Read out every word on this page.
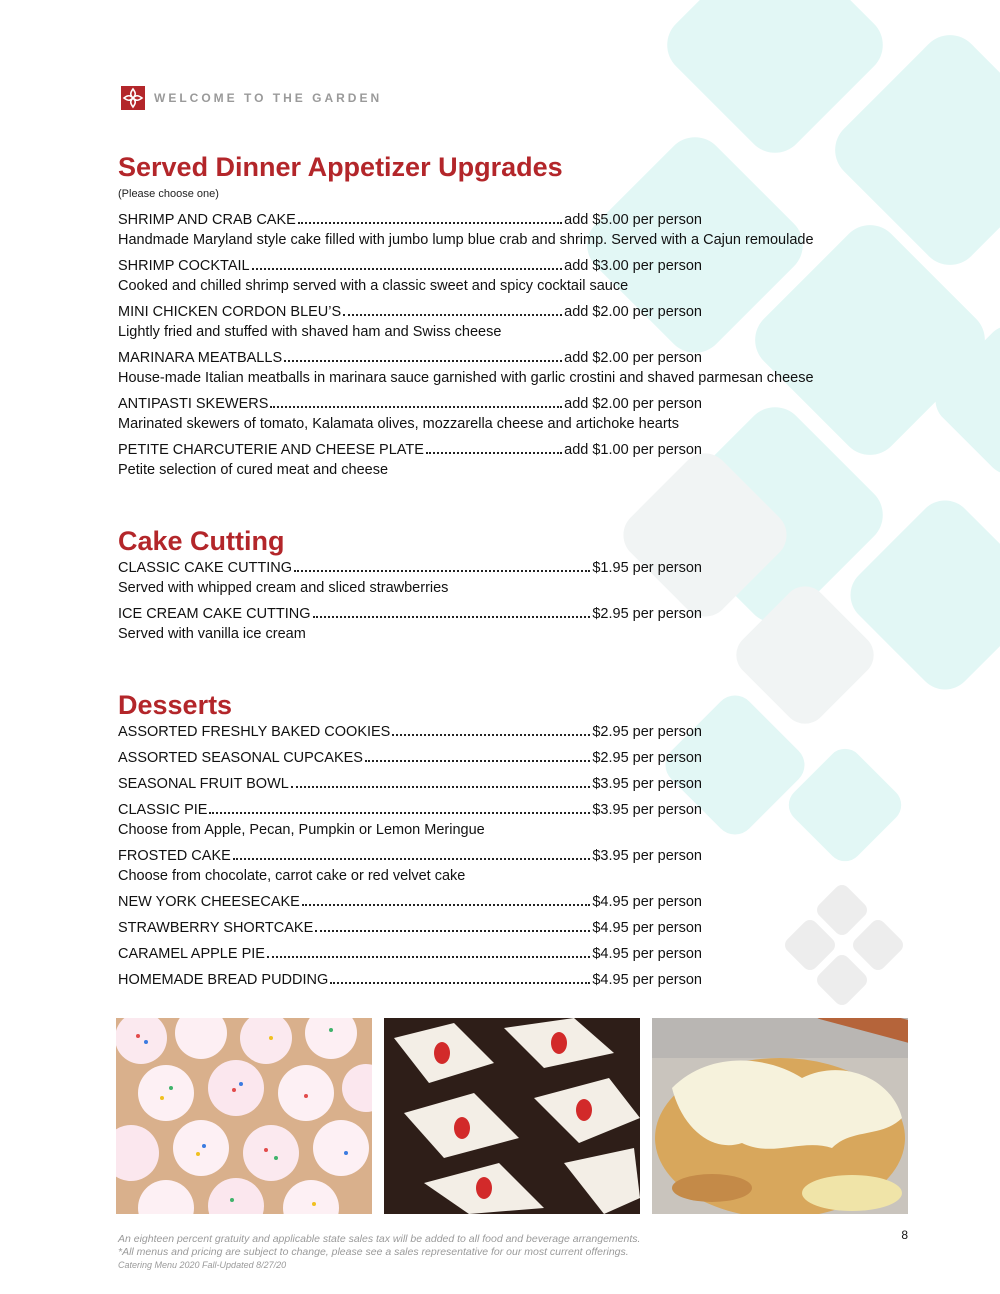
WELCOME TO THE GARDEN
Served Dinner Appetizer Upgrades
(Please choose one)
SHRIMP AND CRAB CAKE	add $5.00 per person
Handmade Maryland style cake filled with jumbo lump blue crab and shrimp. Served with a Cajun remoulade
SHRIMP COCKTAIL	add $3.00 per person
Cooked and chilled shrimp served with a classic sweet and spicy cocktail sauce
MINI CHICKEN CORDON BLEU’S	add $2.00 per person
Lightly fried and stuffed with shaved ham and Swiss cheese
MARINARA MEATBALLS	add $2.00 per person
House-made Italian meatballs in marinara sauce garnished with garlic crostini and shaved parmesan cheese
ANTIPASTI SKEWERS	add $2.00 per person
Marinated skewers of tomato, Kalamata olives, mozzarella cheese and artichoke hearts
PETITE CHARCUTERIE AND CHEESE PLATE	add $1.00 per person
Petite selection of cured meat and cheese
Cake Cutting
CLASSIC CAKE CUTTING	$1.95 per person
Served with whipped cream and sliced strawberries
ICE CREAM CAKE CUTTING	$2.95 per person
Served with vanilla ice cream
Desserts
ASSORTED FRESHLY BAKED COOKIES	$2.95 per person
ASSORTED SEASONAL CUPCAKES	$2.95 per person
SEASONAL FRUIT BOWL	$3.95 per person
CLASSIC PIE	$3.95 per person
Choose from Apple, Pecan, Pumpkin or Lemon Meringue
FROSTED CAKE	$3.95 per person
Choose from chocolate, carrot cake or red velvet cake
NEW YORK CHEESECAKE	$4.95 per person
STRAWBERRY SHORTCAKE	$4.95 per person
CARAMEL APPLE PIE	$4.95 per person
HOMEMADE BREAD PUDDING	$4.95 per person
An eighteen percent gratuity and applicable state sales tax will be added to all food and beverage arrangements.
*All menus and pricing are subject to change, please see a sales representative for our most current offerings.
Catering Menu 2020 Fall-Updated 8/27/20
8
